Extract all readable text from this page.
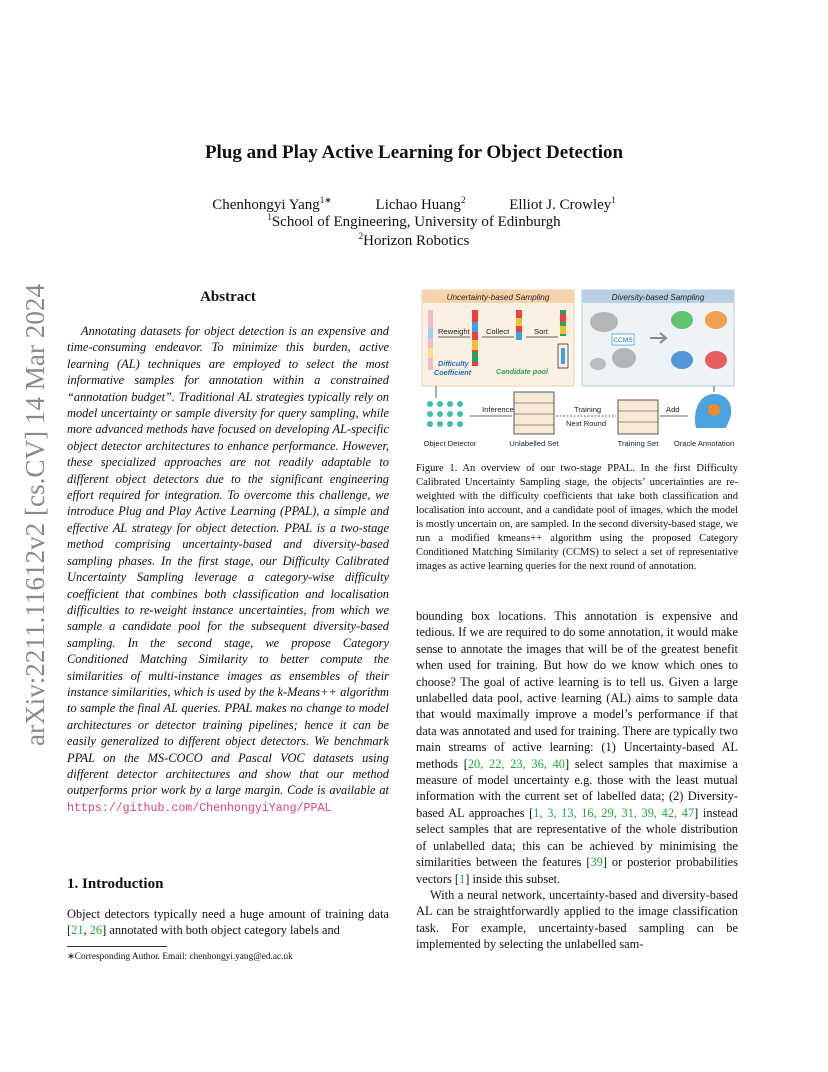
arXiv:2211.11612v2 [cs.CV] 14 Mar 2024
Plug and Play Active Learning for Object Detection
Chenhongyi Yang$^{1∗}$	Lichao Huang$^2$	Elliot J. Crowley$^1$
$^1$School of Engineering, University of Edinburgh
$^2$Horizon Robotics
Abstract

Annotating datasets for object detection is an expensive and time-consuming endeavor. To minimize this burden, active learning (AL) techniques are employed to select the most informative samples for annotation within a constrained “annotation budget”. Traditional AL strategies typically rely on model uncertainty or sample diversity for query sampling, while more advanced methods have focused on developing AL-specific object detector architectures to enhance performance. However, these specialized approaches are not readily adaptable to different object detectors due to the significant engineering effort required for integration. To overcome this challenge, we introduce Plug and Play Active Learning (PPAL), a simple and effective AL strategy for object detection. PPAL is a two-stage method comprising uncertainty-based and diversity-based sampling phases. In the first stage, our Difficulty Calibrated Uncertainty Sampling leverage a category-wise difficulty coefficient that combines both classification and localisation difficulties to re-weight instance uncertainties, from which we sample a candidate pool for the subsequent diversity-based sampling. In the second stage, we propose Category Conditioned Matching Similarity to better compute the similarities of multi-instance images as ensembles of their instance similarities, which is used by the k-Means++ algorithm to sample the final AL queries. PPAL makes no change to model architectures or detector training pipelines; hence it can be easily generalized to different object detectors. We benchmark PPAL on the MS-COCO and Pascal VOC datasets using different detector architectures and show that our method outperforms prior work by a large margin. Code is available at https://github.com/ChenhongyiYang/PPAL

1. Introduction

Object detectors typically need a huge amount of training data [21, 26] annotated with both object category labels and

∗Corresponding Author. Email: chenhongyi.yang@ed.ac.uk
Uncertainty-based Sampling	Diversity-based Sampling
Reweight Collect	Sort
Difficulty
Coefficient	Candidate pool
CCMS
Object Detector
Inference
Unlabelled Set
Training
Next Round
Training Set
Add
Oracle Annotation
Figure 1. An overview of our two-stage PPAL. In the first Difficulty Calibrated Uncertainty Sampling stage, the objects’ uncertainties are re-weighted with the difficulty coefficients that take both classification and localisation into account, and a candidate pool of images, which the model is mostly uncertain on, are sampled. In the second diversity-based stage, we run a modified kmeans++ algorithm using the proposed Category Conditioned Matching Similarity (CCMS) to select a set of representative images as active learning queries for the next round of annotation.

bounding box locations. This annotation is expensive and tedious. If we are required to do some annotation, it would make sense to annotate the images that will be of the greatest benefit when used for training. But how do we know which ones to choose? The goal of active learning is to tell us. Given a large unlabelled data pool, active learning (AL) aims to sample data that would maximally improve a model’s performance if that data was annotated and used for training. There are typically two main streams of active learning: (1) Uncertainty-based AL methods [20, 22, 23, 36, 40] select samples that maximise a measure of model uncertainty e.g. those with the least mutual information with the current set of labelled data; (2) Diversity-based AL approaches [1, 3, 13, 16, 29, 31, 39, 42, 47] instead select samples that are representative of the whole distribution of unlabelled data; this can be achieved by minimising the similarities between the features [39] or posterior probabilities vectors [1] inside this subset.

With a neural network, uncertainty-based and diversity-based AL can be straightforwardly applied to the image classification task. For example, uncertainty-based sampling can be implemented by selecting the unlabelled sam-
